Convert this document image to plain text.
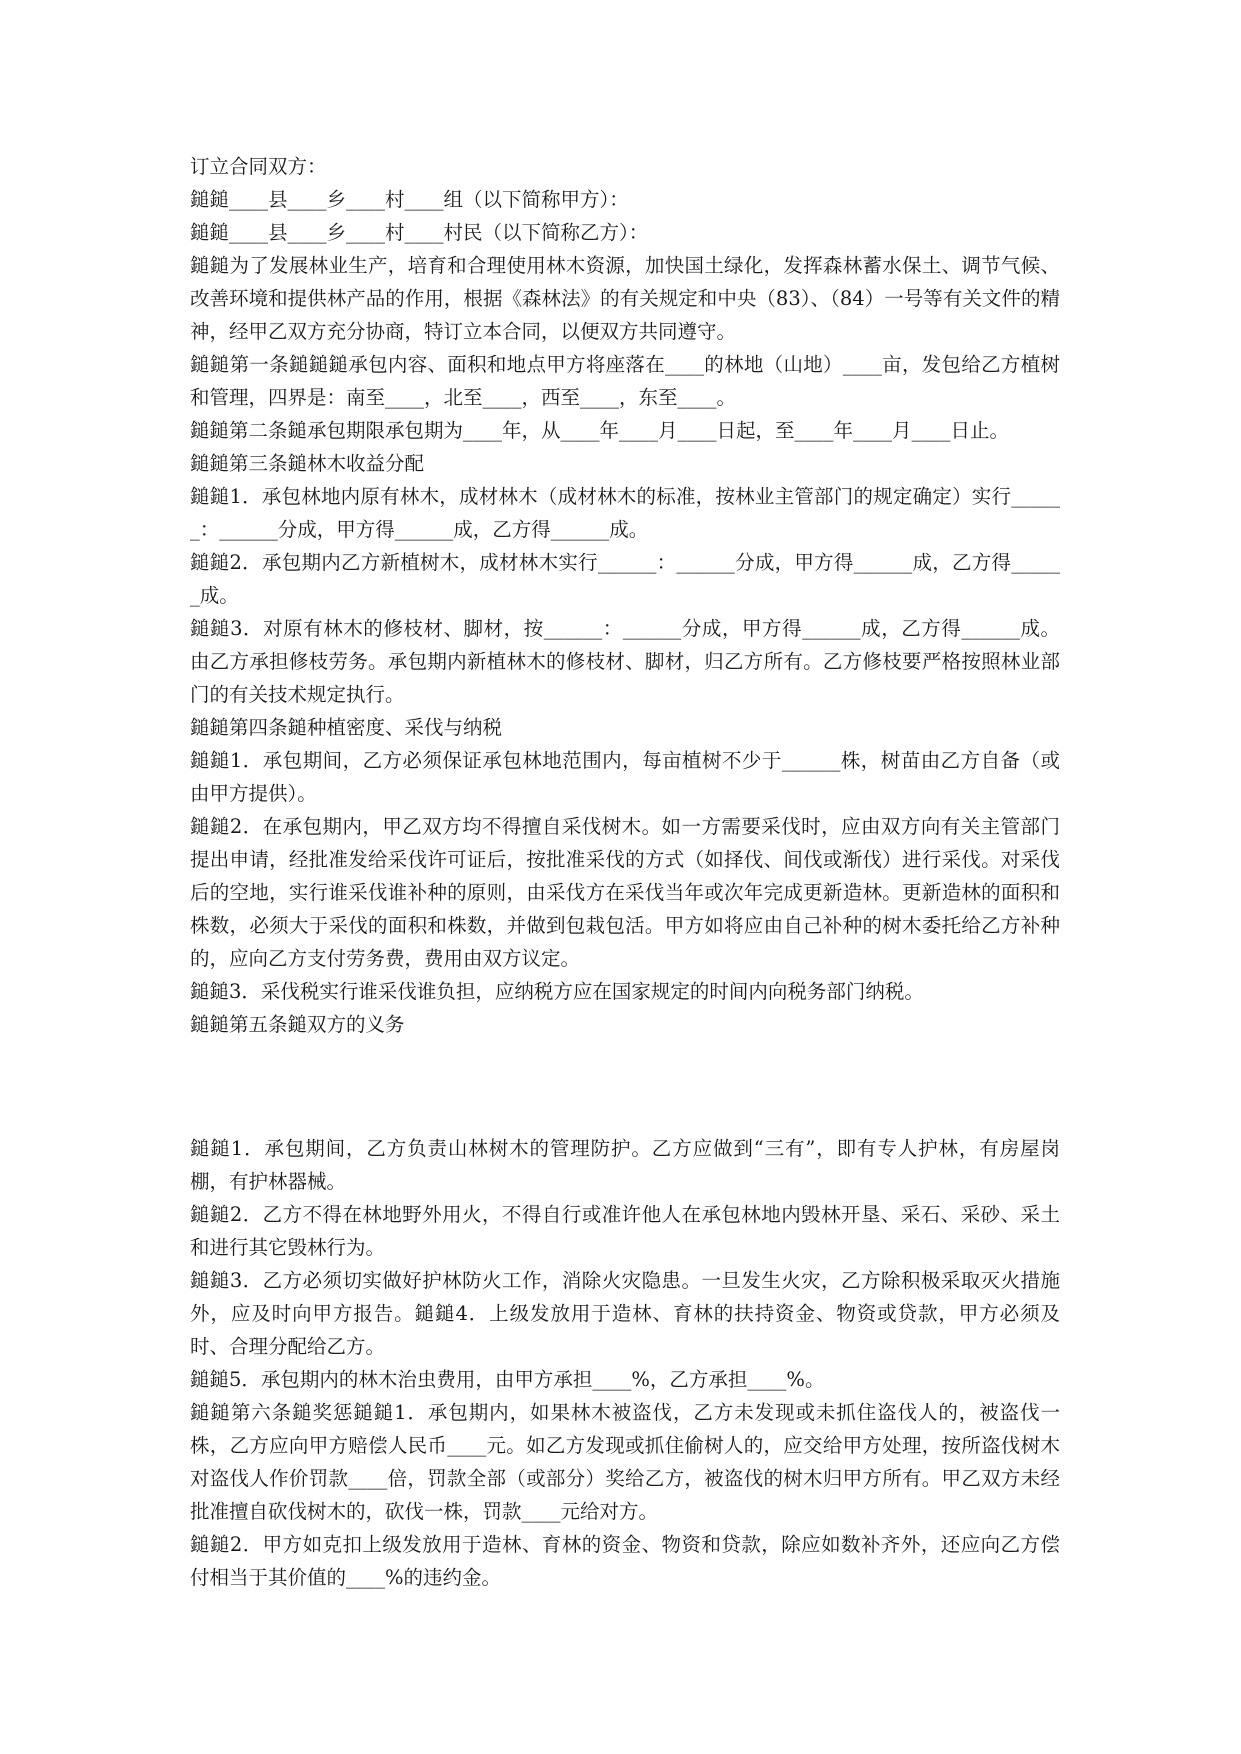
订立合同双方：

鎚鎚____县____乡____村____组（以下简称甲方）：

鎚鎚____县____乡____村____村民（以下简称乙方）：

鎚鎚为了发展林业生产，培育和合理使用林木资源，加快国土绿化，发挥森林蓄水保土、调节气候、改善环境和提供林产品的作用，根据《森林法》的有关规定和中央（83）、（84）一号等有关文件的精神，经甲乙双方充分协商，特订立本合同，以便双方共同遵守。

鎚鎚第一条鎚鎚鎚承包内容、面积和地点甲方将座落在____的林地（山地）____亩，发包给乙方植树和管理，四界是：南至____，北至____，西至____，东至____。

鎚鎚第二条鎚承包期限承包期为____年，从____年____月____日起，至____年____月____日止。

鎚鎚第三条鎚林木收益分配

鎚鎚1．承包林地内原有林木，成材林木（成材林木的标准，按林业主管部门的规定确定）实行______：______分成，甲方得______成，乙方得______成。

鎚鎚2．承包期内乙方新植树木，成材林木实行______：______分成，甲方得______成，乙方得______成。

鎚鎚3．对原有林木的修枝材、脚材，按______：______分成，甲方得______成，乙方得______成。由乙方承担修枝劳务。承包期内新植林木的修枝材、脚材，归乙方所有。乙方修枝要严格按照林业部门的有关技术规定执行。

鎚鎚第四条鎚种植密度、采伐与纳税

鎚鎚1．承包期间，乙方必须保证承包林地范围内，每亩植树不少于______株，树苗由乙方自备（或由甲方提供）。

鎚鎚2．在承包期内，甲乙双方均不得擅自采伐树木。如一方需要采伐时，应由双方向有关主管部门提出申请，经批准发给采伐许可证后，按批准采伐的方式（如择伐、间伐或渐伐）进行采伐。对采伐后的空地，实行谁采伐谁补种的原则，由采伐方在采伐当年或次年完成更新造林。更新造林的面积和株数，必须大于采伐的面积和株数，并做到包栽包活。甲方如将应由自己补种的树木委托给乙方补种的，应向乙方支付劳务费，费用由双方议定。

鎚鎚3．采伐税实行谁采伐谁负担，应纳税方应在国家规定的时间内向税务部门纳税。

鎚鎚第五条鎚双方的义务

鎚鎚1．承包期间，乙方负责山林树木的管理防护。乙方应做到“三有”，即有专人护林，有房屋岗棚，有护林器械。

鎚鎚2．乙方不得在林地野外用火，不得自行或准许他人在承包林地内毁林开垦、采石、采砂、采土和进行其它毁林行为。

鎚鎚3．乙方必须切实做好护林防火工作，消除火灾隐患。一旦发生火灾，乙方除积极采取灭火措施外，应及时向甲方报告。鎚鎚4．上级发放用于造林、育林的扶持资金、物资或贷款，甲方必须及时、合理分配给乙方。

鎚鎚5．承包期内的林木治虫费用，由甲方承担____%，乙方承担____%。

鎚鎚第六条鎚奖惩鎚鎚1．承包期内，如果林木被盗伐，乙方未发现或未抓住盗伐人的，被盗伐一株，乙方应向甲方赔偿人民币____元。如乙方发现或抓住偷树人的，应交给甲方处理，按所盗伐树木对盗伐人作价罚款____倍，罚款全部（或部分）奖给乙方，被盗伐的树木归甲方所有。甲乙双方未经批准擅自砍伐树木的，砍伐一株，罚款____元给对方。

鎚鎚2．甲方如克扣上级发放用于造林、育林的资金、物资和贷款，除应如数补齐外，还应向乙方偿付相当于其价值的____%的违约金。
